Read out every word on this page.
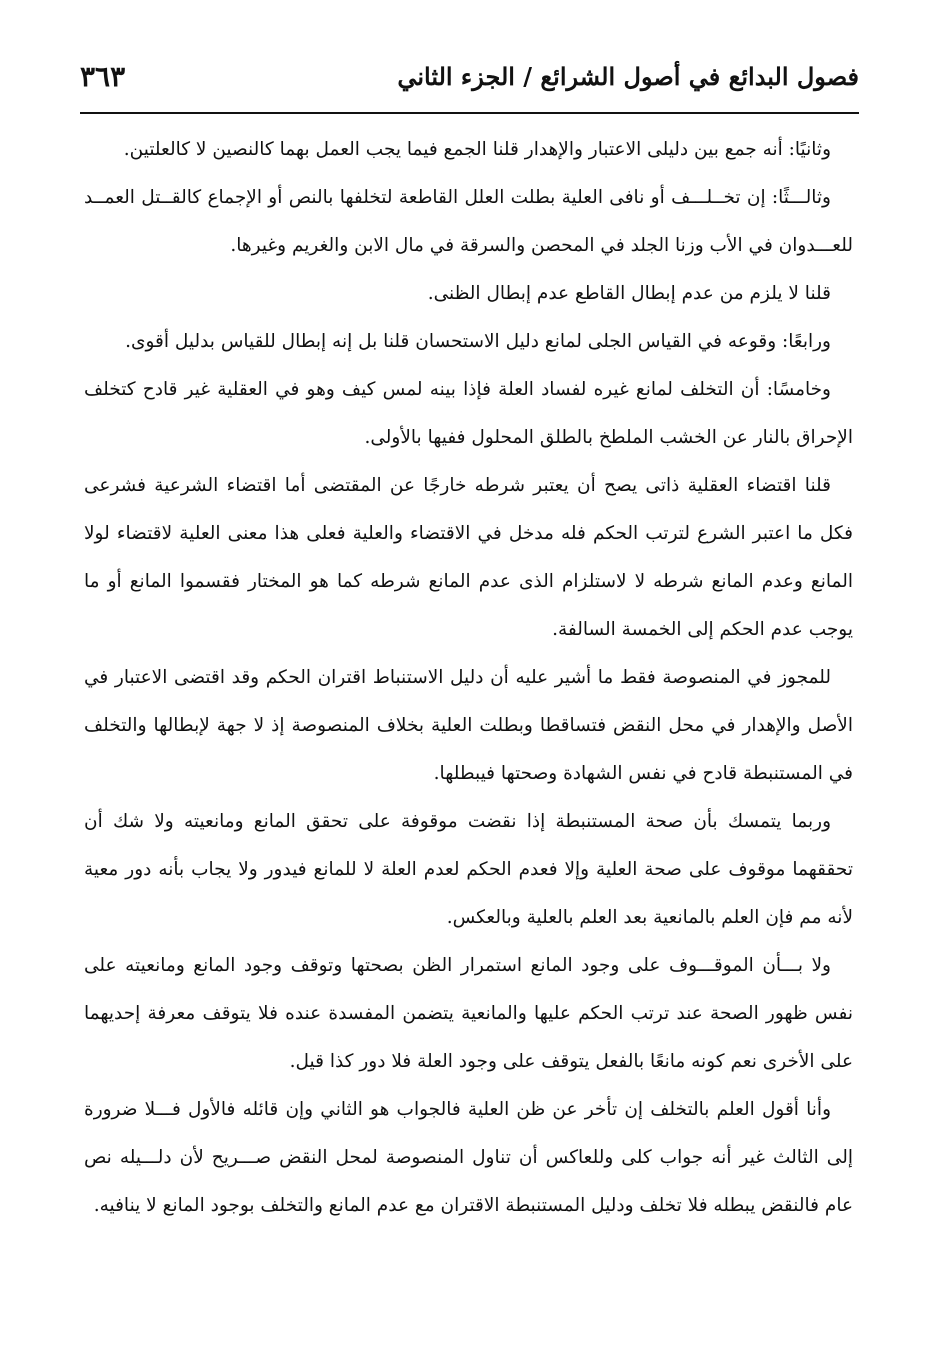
فصول البدائع في أصول الشرائع / الجزء الثاني
٣٦٣

وثانيًا: أنه جمع بين دليلى الاعتبار والإهدار قلنا الجمع فيما يجب العمل بهما كالنصين لا كالعلتين.

وثالـــثًا: إن تخــلـــف أو نافى العلية بطلت العلل القاطعة لتخلفها بالنص أو الإجماع كالقــتل العمــد للعـــدوان في الأب وزنا الجلد في المحصن والسرقة في مال الابن والغريم وغيرها.

قلنا لا يلزم من عدم إبطال القاطع عدم إبطال الظنى.

ورابعًا: وقوعه في القياس الجلى لمانع دليل الاستحسان قلنا بل إنه إبطال للقياس بدليل أقوى.

وخامسًا: أن التخلف لمانع غيره لفساد العلة فإذا بينه لمس كيف وهو في العقلية غير قادح كتخلف الإحراق بالنار عن الخشب الملطخ بالطلق المحلول ففيها بالأولى.

قلنا اقتضاء العقلية ذاتى يصح أن يعتبر شرطه خارجًا عن المقتضى أما اقتضاء الشرعية فشرعى فكل ما اعتبر الشرع لترتب الحكم فله مدخل في الاقتضاء والعلية فعلى هذا معنى العلية لاقتضاء لولا المانع وعدم المانع شرطه لا لاستلزام الذى عدم المانع شرطه كما هو المختار فقسموا المانع أو ما يوجب عدم الحكم إلى الخمسة السالفة.

للمجوز في المنصوصة فقط ما أشير عليه أن دليل الاستنباط اقتران الحكم وقد اقتضى الاعتبار في الأصل والإهدار في محل النقض فتساقطا وبطلت العلية بخلاف المنصوصة إذ لا جهة لإبطالها والتخلف في المستنبطة قادح في نفس الشهادة وصحتها فيبطلها.

وربما يتمسك بأن صحة المستنبطة إذا نقضت موقوفة على تحقق المانع ومانعيته ولا شك أن تحققهما موقوف على صحة العلية وإلا فعدم الحكم لعدم العلة لا للمانع فيدور ولا يجاب بأنه دور معية لأنه مم فإن العلم بالمانعية بعد العلم بالعلية وبالعكس.

ولا بـــأن الموقـــوف على وجود المانع استمرار الظن بصحتها وتوقف وجود المانع ومانعيته على نفس ظهور الصحة عند ترتب الحكم عليها والمانعية يتضمن المفسدة عنده فلا يتوقف معرفة إحديهما على الأخرى نعم كونه مانعًا بالفعل يتوقف على وجود العلة فلا دور كذا قيل.

وأنا أقول العلم بالتخلف إن تأخر عن ظن العلية فالجواب هو الثاني وإن قائله فالأول فـــلا ضرورة إلى الثالث غير أنه جواب كلى وللعاكس أن تناول المنصوصة لمحل النقض صـــريح لأن دلـــيله نص عام فالنقض يبطله فلا تخلف ودليل المستنبطة الاقتران مع عدم المانع والتخلف بوجود المانع لا ينافيه.
